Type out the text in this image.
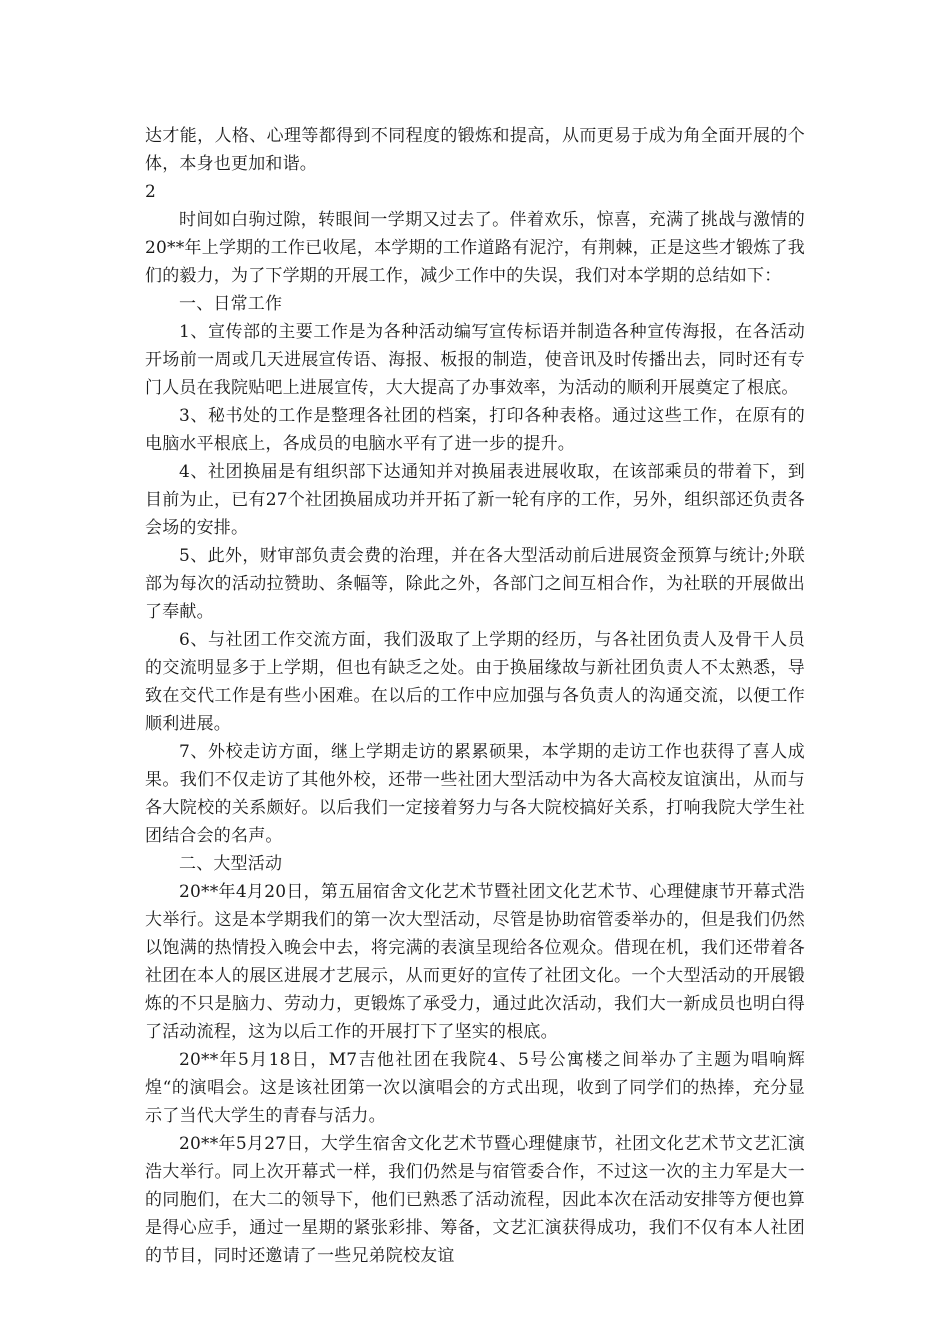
达才能，人格、心理等都得到不同程度的锻炼和提高，从而更易于成为角全面开展的个体，本身也更加和谐。

2

时间如白驹过隙，转眼间一学期又过去了。伴着欢乐，惊喜，充满了挑战与激情的20**年上学期的工作已收尾，本学期的工作道路有泥泞，有荆棘，正是这些才锻炼了我们的毅力，为了下学期的开展工作，减少工作中的失误，我们对本学期的总结如下：

一、日常工作

1、宣传部的主要工作是为各种活动编写宣传标语并制造各种宣传海报，在各活动开场前一周或几天进展宣传语、海报、板报的制造，使音讯及时传播出去，同时还有专门人员在我院贴吧上进展宣传，大大提高了办事效率，为活动的顺利开展奠定了根底。

3、秘书处的工作是整理各社团的档案，打印各种表格。通过这些工作，在原有的电脑水平根底上，各成员的电脑水平有了进一步的提升。

4、社团换届是有组织部下达通知并对换届表进展收取，在该部乘员的带着下，到目前为止，已有27个社团换届成功并开拓了新一轮有序的工作，另外，组织部还负责各会场的安排。

5、此外，财审部负责会费的治理，并在各大型活动前后进展资金预算与统计;外联部为每次的活动拉赞助、条幅等，除此之外，各部门之间互相合作，为社联的开展做出了奉献。

6、与社团工作交流方面，我们汲取了上学期的经历，与各社团负责人及骨干人员的交流明显多于上学期，但也有缺乏之处。由于换届缘故与新社团负责人不太熟悉，导致在交代工作是有些小困难。在以后的工作中应加强与各负责人的沟通交流，以便工作顺利进展。

7、外校走访方面，继上学期走访的累累硕果，本学期的走访工作也获得了喜人成果。我们不仅走访了其他外校，还带一些社团大型活动中为各大高校友谊演出，从而与各大院校的关系颇好。以后我们一定接着努力与各大院校搞好关系，打响我院大学生社团结合会的名声。

二、大型活动

20**年4月20日，第五届宿舍文化艺术节暨社团文化艺术节、心理健康节开幕式浩大举行。这是本学期我们的第一次大型活动，尽管是协助宿管委举办的，但是我们仍然以饱满的热情投入晚会中去，将完满的表演呈现给各位观众。借现在机，我们还带着各社团在本人的展区进展才艺展示，从而更好的宣传了社团文化。一个大型活动的开展锻炼的不只是脑力、劳动力，更锻炼了承受力，通过此次活动，我们大一新成员也明白得了活动流程，这为以后工作的开展打下了坚实的根底。

20**年5月18日，M7吉他社团在我院4、5号公寓楼之间举办了主题为唱响辉煌“的演唱会。这是该社团第一次以演唱会的方式出现，收到了同学们的热捧，充分显示了当代大学生的青春与活力。

20**年5月27日，大学生宿舍文化艺术节暨心理健康节，社团文化艺术节文艺汇演浩大举行。同上次开幕式一样，我们仍然是与宿管委合作，不过这一次的主力军是大一的同胞们，在大二的领导下，他们已熟悉了活动流程，因此本次在活动安排等方便也算是得心应手，通过一星期的紧张彩排、筹备，文艺汇演获得成功，我们不仅有本人社团的节目，同时还邀请了一些兄弟院校友谊
